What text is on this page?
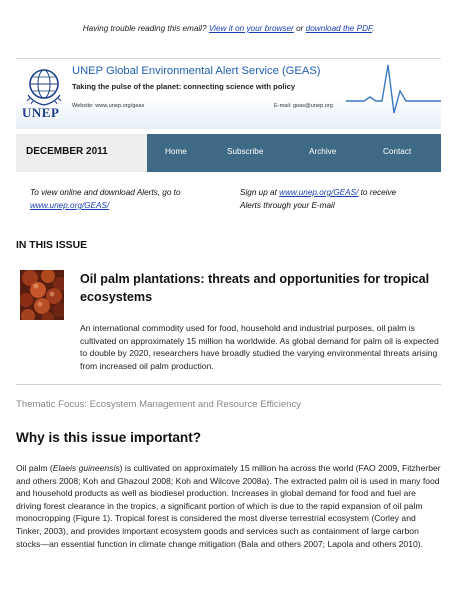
Having trouble reading this email? View it on your browser or download the PDF.
UNEP
UNEP Global Environmental Alert Service (GEAS)
Taking the pulse of the planet: connecting science with policy
Website: www.unep.org/geas	E-mail: geas@unep.org
DECEMBER 2011	Home	Subscribe	Archive	Contact
To view online and download Alerts, go to
www.unep.org/GEAS/
Sign up at www.unep.org/GEAS/ to receive
Alerts through your E-mail
IN THIS ISSUE
Oil palm plantations: threats and opportunities for tropical ecosystems
An international commodity used for food, household and industrial purposes, oil palm is cultivated on approximately 15 million ha worldwide. As global demand for palm oil is expected to double by 2020, researchers have broadly studied the varying environmental threats arising from increased oil palm production.
Thematic Focus: Ecosystem Management and Resource Efficiency
Why is this issue important?
Oil palm (Elaeis guineensis) is cultivated on approximately 15 million ha across the world (FAO 2009, Fitzherber and others 2008; Koh and Ghazoul 2008; Koh and Wilcove 2008a). The extracted palm oil is used in many food and household products as well as biodiesel production. Increases in global demand for food and fuel are driving forest clearance in the tropics, a significant portion of which is due to the rapid expansion of oil palm monocropping (Figure 1). Tropical forest is considered the most diverse terrestrial ecosystem (Corley and Tinker, 2003), and provides important ecosystem goods and services such as containment of large carbon stocks—an essential function in climate change mitigation (Bala and others 2007; Lapola and others 2010).
